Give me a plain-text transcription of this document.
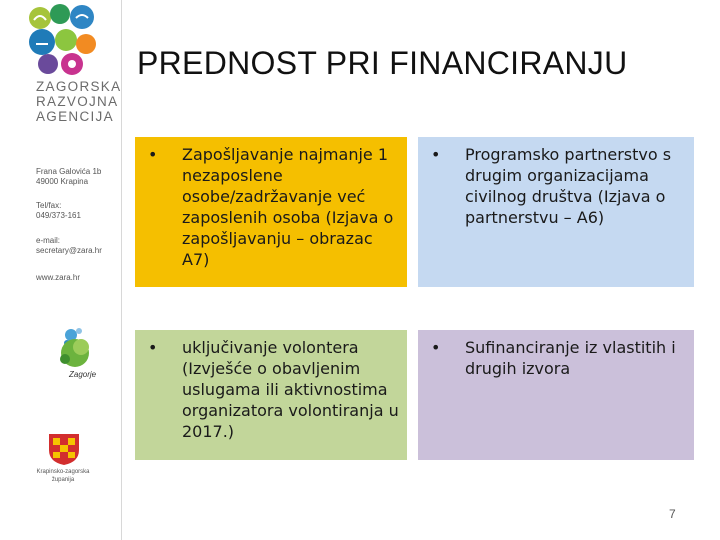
ZAGORSKA
RAZVOJNA
AGENCIJA
Frana Galovića 1b
49000 Krapina
Tel/fax:
049/373-161
e-mail:
secretary@zara.hr
www.zara.hr
Zagorje
Krapinsko-zagorska županija
PREDNOST PRI FINANCIRANJU
• Zapošljavanje najmanje 1 nezaposlene osobe/zadržavanje već zaposlenih osoba (Izjava o zapošljavanju – obrazac A7)
• Programsko partnerstvo s drugim organizacijama civilnog društva (Izjava o partnerstvu – A6)
• uključivanje volontera (Izvješće o obavljenim uslugama ili aktivnostima organizatora volontiranja u 2017.)
• Sufinanciranje iz vlastitih i drugih izvora
7
